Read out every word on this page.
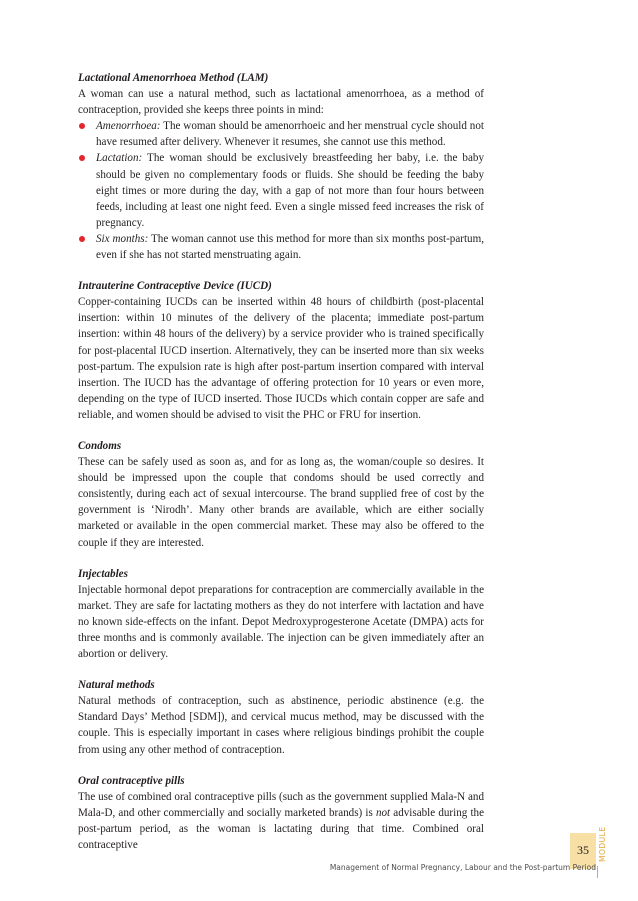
Lactational Amenorrhoea Method (LAM)

A woman can use a natural method, such as lactational amenorrhoea, as a method of contraception, provided she keeps three points in mind:

Amenorrhoea: The woman should be amenorrhoeic and her menstrual cycle should not have resumed after delivery. Whenever it resumes, she cannot use this method.
Lactation: The woman should be exclusively breastfeeding her baby, i.e. the baby should be given no complementary foods or fluids. She should be feeding the baby eight times or more during the day, with a gap of not more than four hours between feeds, including at least one night feed. Even a single missed feed increases the risk of pregnancy.
Six months: The woman cannot use this method for more than six months post-partum, even if she has not started menstruating again.
Intrauterine Contraceptive Device (IUCD)

Copper-containing IUCDs can be inserted within 48 hours of childbirth (post-placental insertion: within 10 minutes of the delivery of the placenta; immediate post-partum insertion: within 48 hours of the delivery) by a service provider who is trained specifically for post-placental IUCD insertion. Alternatively, they can be inserted more than six weeks post-partum. The expulsion rate is high after post-partum insertion compared with interval insertion. The IUCD has the advantage of offering protection for 10 years or even more, depending on the type of IUCD inserted. Those IUCDs which contain copper are safe and reliable, and women should be advised to visit the PHC or FRU for insertion.

Condoms

These can be safely used as soon as, and for as long as, the woman/couple so desires. It should be impressed upon the couple that condoms should be used correctly and consistently, during each act of sexual intercourse. The brand supplied free of cost by the government is ‘Nirodh’. Many other brands are available, which are either socially marketed or available in the open commercial market. These may also be offered to the couple if they are interested.

Injectables

Injectable hormonal depot preparations for contraception are commercially available in the market. They are safe for lactating mothers as they do not interfere with lactation and have no known side-effects on the infant. Depot Medroxyprogesterone Acetate (DMPA) acts for three months and is commonly available. The injection can be given immediately after an abortion or delivery.

Natural methods

Natural methods of contraception, such as abstinence, periodic abstinence (e.g. the Standard Days’ Method [SDM]), and cervical mucus method, may be discussed with the couple. This is especially important in cases where religious bindings prohibit the couple from using any other method of contraception.

Oral contraceptive pills

The use of combined oral contraceptive pills (such as the government supplied Mala-N and Mala-D, and other commercially and socially marketed brands) is not advisable during the post-partum period, as the woman is lactating during that time. Combined oral contraceptive	35	MODULE
Management of Normal Pregnancy, Labour and the Post-partum Period
